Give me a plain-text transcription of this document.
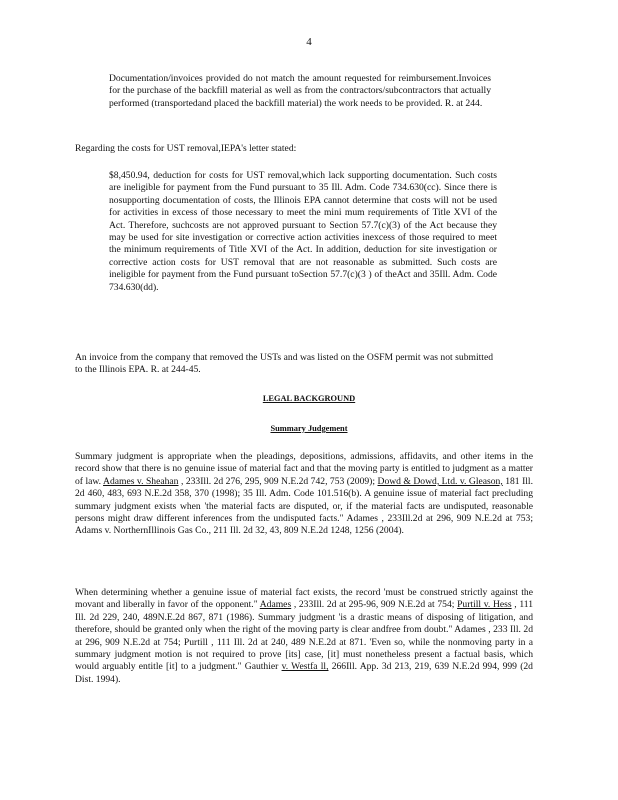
4

Documentation/invoices provided do not match the amount requested for reimbursement.Invoices for the purchase of the backfill material as well as from the contractors/subcontractors that actually performed (transportedand placed the backfill material) the work needs to be provided. R. at 244.

Regarding the costs for UST removal,IEPA's letter stated:

$8,450.94, deduction for costs for UST removal,which lack supporting documentation. Such costs are ineligible for payment from the Fund pursuant to 35 Ill. Adm. Code 734.630(cc). Since there is nosupporting documentation of costs, the Illinois EPA cannot determine that costs will not be used for activities in excess of those necessary to meet the mini mum requirements of Title XVI of the Act. Therefore, suchcosts are not approved pursuant to Section 57.7(c)(3) of the Act because they may be used for site investigation or corrective action activities inexcess of those required to meet the minimum requirements of Title XVI of the Act. In addition, deduction for site investigation or corrective action costs for UST removal that are not reasonable as submitted. Such costs are ineligible for payment from the Fund pursuant toSection 57.7(c)(3 ) of theAct and 35Ill. Adm. Code 734.630(dd).

An invoice from the company that removed the USTs and was listed on the OSFM permit was not submitted to the Illinois EPA. R. at 244-45.

LEGAL BACKGROUND
Summary Judgement

Summary judgment is appropriate when the pleadings, depositions, admissions, affidavits, and other items in the record show that there is no genuine issue of material fact and that the moving party is entitled to judgment as a matter of law. Adames v. Sheahan , 233Ill. 2d 276, 295, 909 N.E.2d 742, 753 (2009); Dowd & Dowd, Ltd. v. Gleason, 181 Ill. 2d 460, 483, 693 N.E.2d 358, 370 (1998); 35 Ill. Adm. Code 101.516(b). A genuine issue of material fact precluding summary judgment exists when 'the material facts are disputed, or, if the material facts are undisputed, reasonable persons might draw different inferences from the undisputed facts." Adames , 233Ill.2d at 296, 909 N.E.2d at 753; Adams v. NorthernIllinois Gas Co., 211 Ill. 2d 32, 43, 809 N.E.2d 1248, 1256 (2004).

When determining whether a genuine issue of material fact exists, the record 'must be construed strictly against the movant and liberally in favor of the opponent." Adames , 233Ill. 2d at 295-96, 909 N.E.2d at 754; Purtill v. Hess , 111 Ill. 2d 229, 240, 489N.E.2d 867, 871 (1986). Summary judgment 'is a drastic means of disposing of litigation, and therefore, should be granted only when the right of the moving party is clear andfree from doubt." Adames , 233 Ill. 2d at 296, 909 N.E.2d at 754; Purtill , 111 Ill. 2d at 240, 489 N.E.2d at 871. 'Even so, while the nonmoving party in a summary judgment motion is not required to prove [its] case, [it] must nonetheless present a factual basis, which would arguably entitle [it] to a judgment." Gauthier v. Westfa ll, 266Ill. App. 3d 213, 219, 639 N.E.2d 994, 999 (2d Dist. 1994).
